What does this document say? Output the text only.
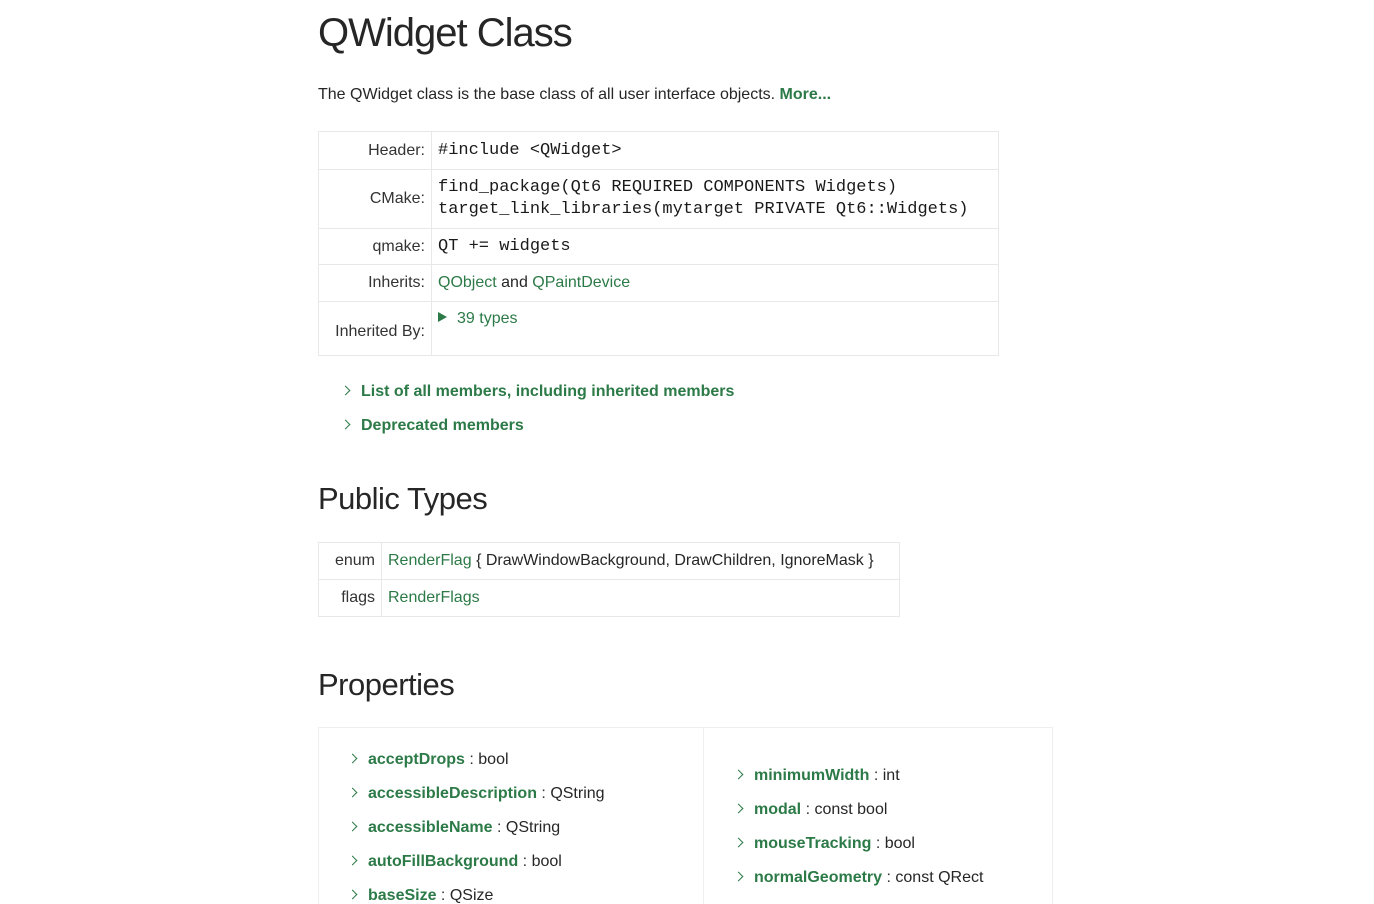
QWidget Class
The QWidget class is the base class of all user interface objects. More...
Header:	#include <QWidget>
CMake:	find_package(Qt6 REQUIRED COMPONENTS Widgets)
target_link_libraries(mytarget PRIVATE Qt6::Widgets)

qmake:	QT += widgets
Inherits:	QObject and QPaintDevice
Inherited By:	39 types
List of all members, including inherited members
Deprecated members
Public Types
enum	RenderFlag { DrawWindowBackground, DrawChildren, IgnoreMask }
flags	RenderFlags
Properties
acceptDrops : bool
accessibleDescription : QString
accessibleName : QString
autoFillBackground : bool
baseSize : QSize
minimumWidth : int
modal : const bool
mouseTracking : bool
normalGeometry : const QRect
